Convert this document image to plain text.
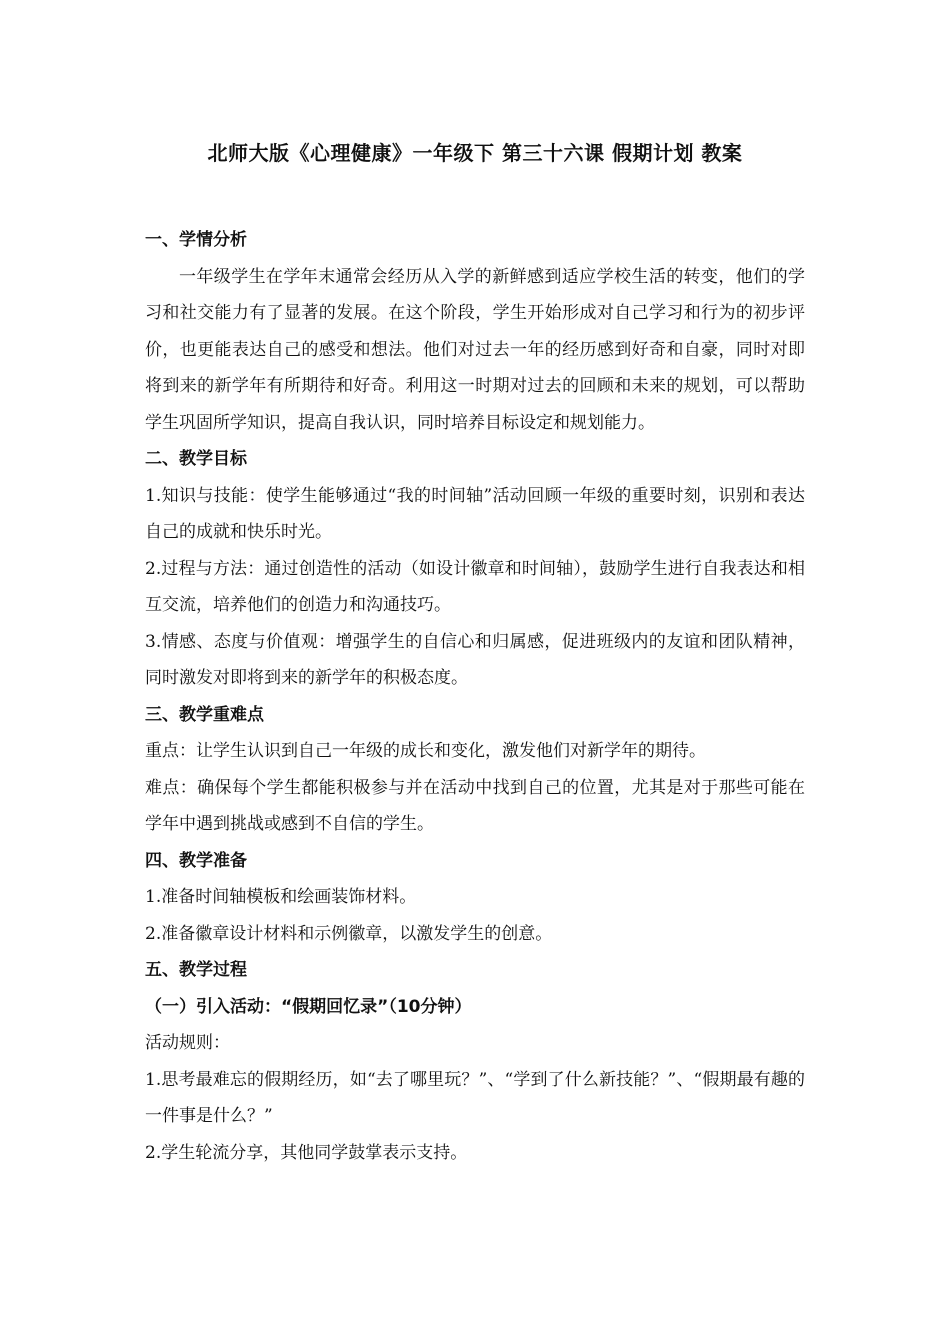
北师大版《心理健康》一年级下 第三十六课 假期计划 教案

一、学情分析

一年级学生在学年末通常会经历从入学的新鲜感到适应学校生活的转变，他们的学习和社交能力有了显著的发展。在这个阶段，学生开始形成对自己学习和行为的初步评价，也更能表达自己的感受和想法。他们对过去一年的经历感到好奇和自豪，同时对即将到来的新学年有所期待和好奇。利用这一时期对过去的回顾和未来的规划，可以帮助学生巩固所学知识，提高自我认识，同时培养目标设定和规划能力。

二、教学目标

1.知识与技能：使学生能够通过“我的时间轴”活动回顾一年级的重要时刻，识别和表达自己的成就和快乐时光。

2.过程与方法：通过创造性的活动（如设计徽章和时间轴），鼓励学生进行自我表达和相互交流，培养他们的创造力和沟通技巧。

3.情感、态度与价值观：增强学生的自信心和归属感，促进班级内的友谊和团队精神，同时激发对即将到来的新学年的积极态度。

三、教学重难点

重点：让学生认识到自己一年级的成长和变化，激发他们对新学年的期待。

难点：确保每个学生都能积极参与并在活动中找到自己的位置，尤其是对于那些可能在学年中遇到挑战或感到不自信的学生。

四、教学准备

1.准备时间轴模板和绘画装饰材料。

2.准备徽章设计材料和示例徽章，以激发学生的创意。

五、教学过程

（一）引入活动：“假期回忆录”（10分钟）

活动规则：

1.思考最难忘的假期经历，如“去了哪里玩？”、“学到了什么新技能？”、“假期最有趣的一件事是什么？”

2.学生轮流分享，其他同学鼓掌表示支持。
